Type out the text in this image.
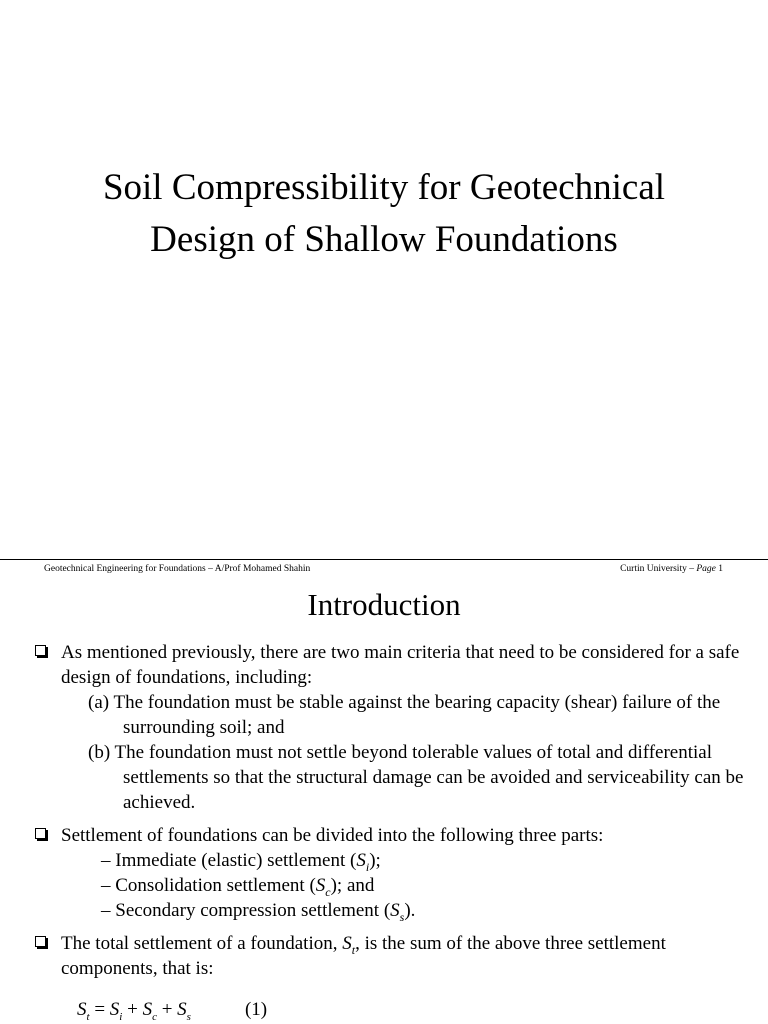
Soil Compressibility for Geotechnical
Design of Shallow Foundations
Geotechnical Engineering for Foundations – A/Prof Mohamed Shahin	Curtin University – Page 1
Introduction
As mentioned previously, there are two main criteria that need to be considered for a safe design of foundations, including:
(a) The foundation must be stable against the bearing capacity (shear) failure of the surrounding soil; and
(b) The foundation must not settle beyond tolerable values of total and differential settlements so that the structural damage can be avoided and serviceability can be achieved.
Settlement of foundations can be divided into the following three parts:
– Immediate (elastic) settlement $(S_i)$;
– Consolidation settlement $(S_c)$; and
– Secondary compression settlement $(S_s)$.
The total settlement of a foundation, $S_t$, is the sum of the above three settlement components, that is:
$S_t = S_i + S_c + S_s$	(1)
